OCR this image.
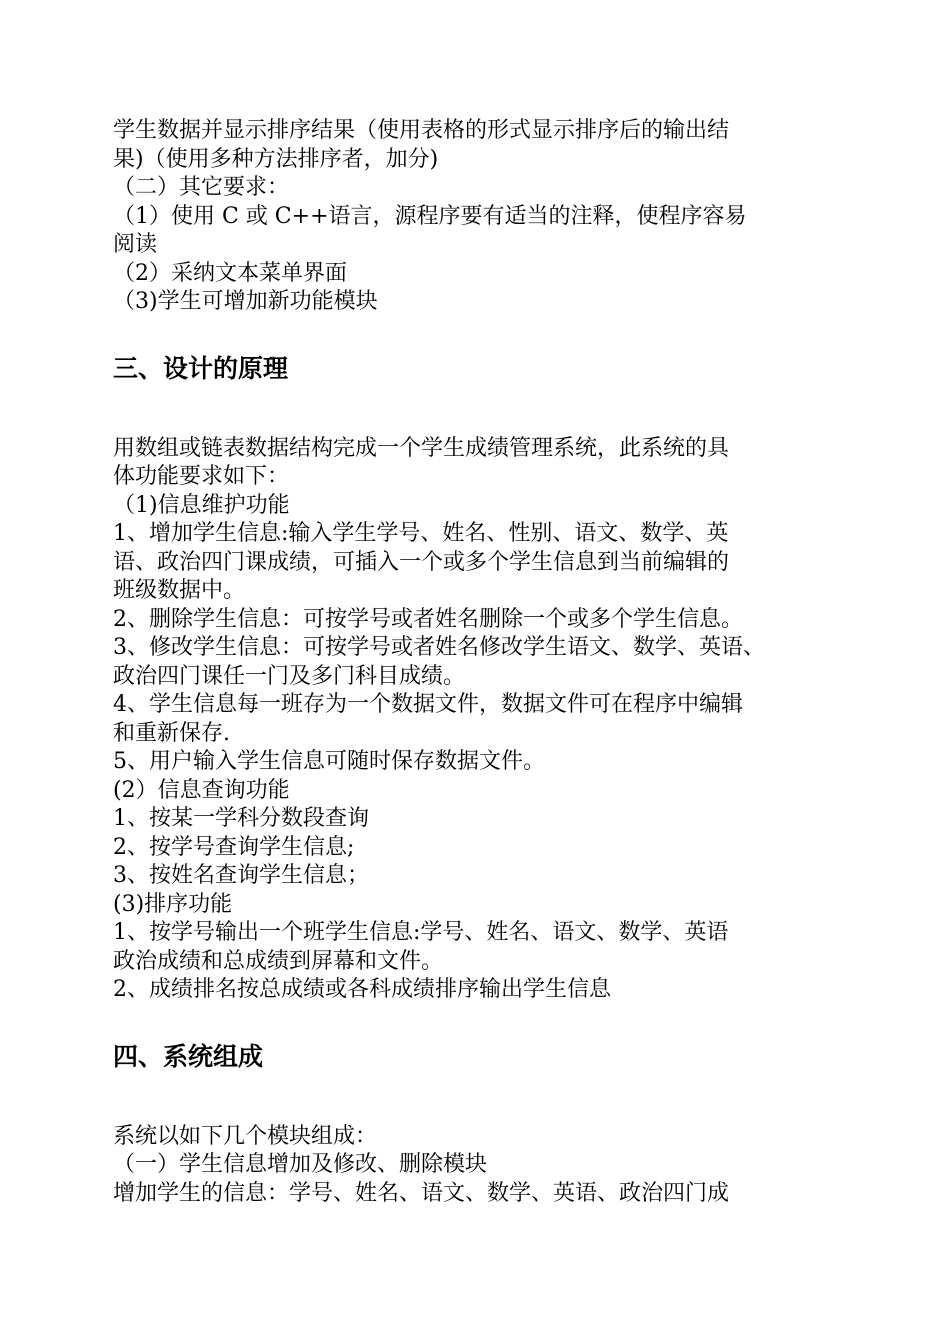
学生数据并显示排序结果（使用表格的形式显示排序后的输出结
果)（使用多种方法排序者，加分)
（二）其它要求：
（1）使用 C 或 C++语言，源程序要有适当的注释，使程序容易
阅读
（2）采纳文本菜单界面
（3)学生可增加新功能模块
三、设计的原理
用数组或链表数据结构完成一个学生成绩管理系统，此系统的具
体功能要求如下：
（1)信息维护功能
1、增加学生信息:输入学生学号、姓名、性别、语文、数学、英
语、政治四门课成绩，可插入一个或多个学生信息到当前编辑的
班级数据中。
2、删除学生信息：可按学号或者姓名删除一个或多个学生信息。
3、修改学生信息：可按学号或者姓名修改学生语文、数学、英语、
政治四门课任一门及多门科目成绩。
4、学生信息每一班存为一个数据文件，数据文件可在程序中编辑
和重新保存.
5、用户输入学生信息可随时保存数据文件。
(2）信息查询功能
1、按某一学科分数段查询
2、按学号查询学生信息;
3、按姓名查询学生信息；
(3)排序功能
1、按学号输出一个班学生信息:学号、姓名、语文、数学、英语
政治成绩和总成绩到屏幕和文件。
2、成绩排名按总成绩或各科成绩排序输出学生信息
四、系统组成
系统以如下几个模块组成：
（一）学生信息增加及修改、删除模块
增加学生的信息：学号、姓名、语文、数学、英语、政治四门成
